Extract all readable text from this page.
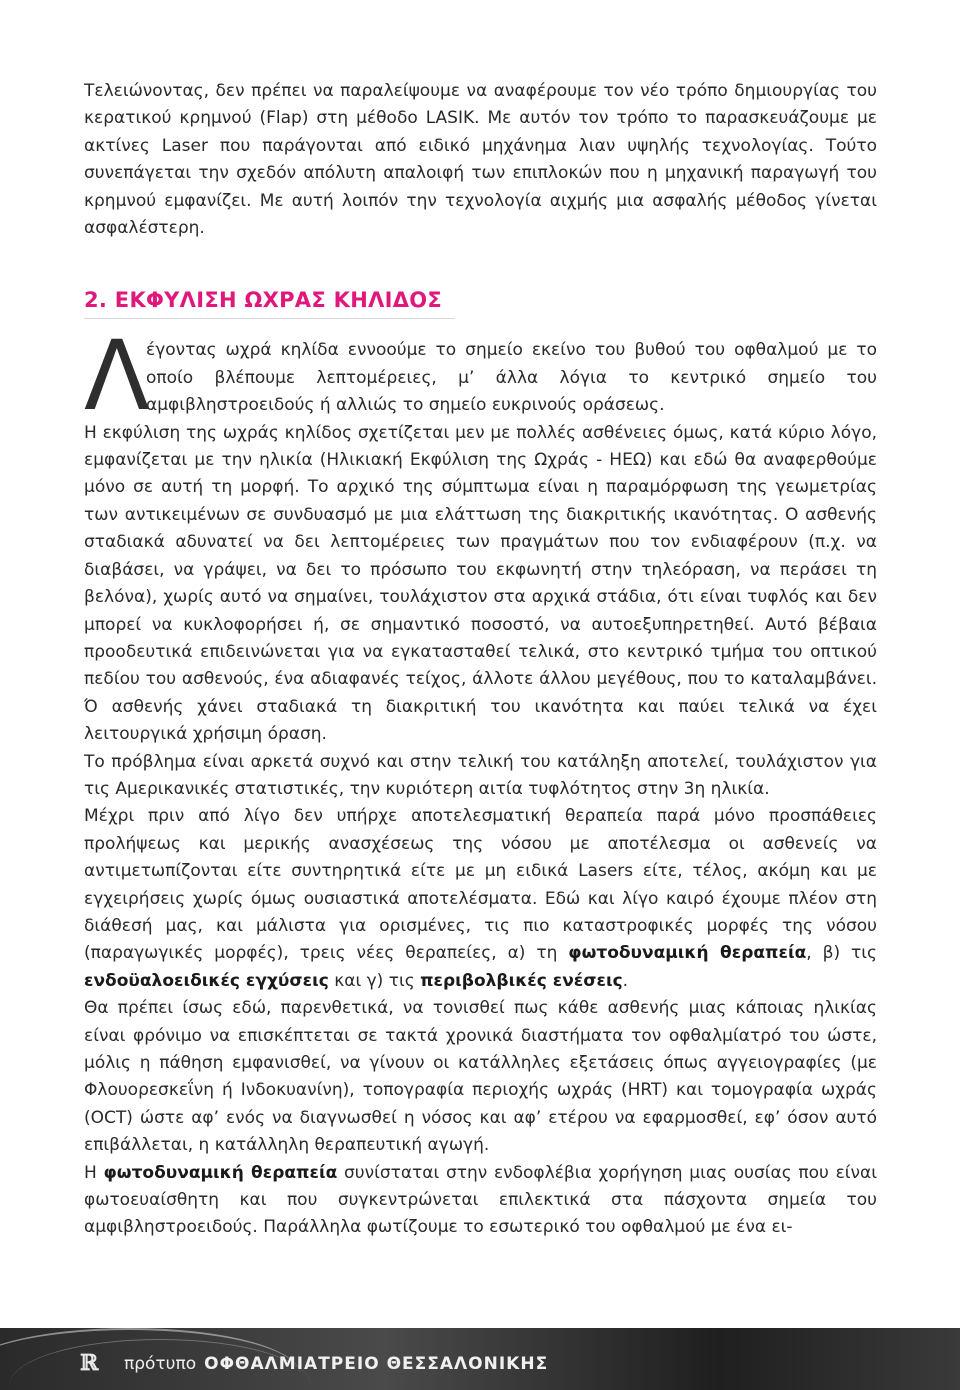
Τελειώνοντας, δεν πρέπει να παραλείψουμε να αναφέρουμε τον νέο τρόπο δημιουργίας του κερατικού κρημνού (Flap) στη μέθοδο LASIK. Με αυτόν τον τρόπο το παρασκευάζουμε με ακτίνες Laser που παράγονται από ειδικό μηχάνημα λιαν υψηλής τεχνολογίας. Τούτο συνεπάγεται την σχεδόν απόλυτη απαλοιφή των επιπλοκών που η μηχανική παραγωγή του κρημνού εμφανίζει. Με αυτή λοιπόν την τεχνολογία αιχμής μια ασφαλής μέθοδος γίνεται ασφαλέστερη.

2. ΕΚΦΥΛΙΣΗ ΩΧΡΑΣ ΚΗΛΙΔΟΣ
Λ

έγοντας ωχρά κηλίδα εννοούμε το σημείο εκείνο του βυθού του οφθαλμού με το οποίο βλέπουμε λεπτομέρειες, μ’ άλλα λόγια το κεντρικό σημείο του αμφιβληστροειδούς ή αλλιώς το σημείο ευκρινούς οράσεως.

Η εκφύλιση της ωχράς κηλίδος σχετίζεται μεν με πολλές ασθένειες όμως, κατά κύριο λόγο, εμφανίζεται με την ηλικία (Ηλικιακή Εκφύλιση της Ωχράς - ΗΕΩ) και εδώ θα αναφερθούμε μόνο σε αυτή τη μορφή. Το αρχικό της σύμπτωμα είναι η παραμόρφωση της γεωμετρίας των αντικειμένων σε συνδυασμό με μια ελάττωση της διακριτικής ικανότητας. Ο ασθενής σταδιακά αδυνατεί να δει λεπτομέρειες των πραγμάτων που τον ενδιαφέρουν (π.χ. να διαβάσει, να γράψει, να δει το πρόσωπο του εκφωνητή στην τηλεόραση, να περάσει τη βελόνα), χωρίς αυτό να σημαίνει, τουλάχιστον στα αρχικά στάδια, ότι είναι τυφλός και δεν μπορεί να κυκλοφορήσει ή, σε σημαντικό ποσοστό, να αυτοεξυπηρετηθεί. Αυτό βέβαια προοδευτικά επιδεινώνεται για να εγκατασταθεί τελικά, στο κεντρικό τμήμα του οπτικού πεδίου του ασθενούς, ένα αδιαφανές τείχος, άλλοτε άλλου μεγέθους, που το καταλαμβάνει. Ό ασθενής χάνει σταδιακά τη διακριτική του ικανότητα και παύει τελικά να έχει λειτουργικά χρήσιμη όραση.

Το πρόβλημα είναι αρκετά συχνό και στην τελική του κατάληξη αποτελεί, τουλάχιστον για τις Αμερικανικές στατιστικές, την κυριότερη αιτία τυφλότητος στην 3η ηλικία.

Μέχρι πριν από λίγο δεν υπήρχε αποτελεσματική θεραπεία παρά μόνο προσπάθειες προλήψεως και μερικής ανασχέσεως της νόσου με αποτέλεσμα οι ασθενείς να αντιμετωπίζονται είτε συντηρητικά είτε με μη ειδικά Lasers είτε, τέλος, ακόμη και με εγχειρήσεις χωρίς όμως ουσιαστικά αποτελέσματα. Εδώ και λίγο καιρό έχουμε πλέον στη διάθεσή μας, και μάλιστα για ορισμένες, τις πιο καταστροφικές μορφές της νόσου (παραγωγικές μορφές), τρεις νέες θεραπείες, α) τη φωτοδυναμική θεραπεία, β) τις ενδοϋαλοειδικές εγχύσεις και γ) τις περιβολβικές ενέσεις.

Θα πρέπει ίσως εδώ, παρενθετικά, να τονισθεί πως κάθε ασθενής μιας κάποιας ηλικίας είναι φρόνιμο να επισκέπτεται σε τακτά χρονικά διαστήματα τον οφθαλμίατρό του ώστε, μόλις η πάθηση εμφανισθεί, να γίνουν οι κατάλληλες εξετάσεις όπως αγγειογραφίες (με Φλουορεσκεΐνη ή Ινδοκυανίνη), τοπογραφία περιοχής ωχράς (HRT) και τομογραφία ωχράς (OCT) ώστε αφ’ ενός να διαγνωσθεί η νόσος και αφ’ ετέρου να εφαρμοσθεί, εφ’ όσον αυτό επιβάλλεται, η κατάλληλη θεραπευτική αγωγή.

Η φωτοδυναμική θεραπεία συνίσταται στην ενδοφλέβια χορήγηση μιας ουσίας που είναι φωτοευαίσθητη και που συγκεντρώνεται επιλεκτικά στα πάσχοντα σημεία του αμφιβληστροειδούς. Παράλληλα φωτίζουμε το εσωτερικό του οφθαλμού με ένα ει-

ℝ πρότυπο ΟΦΘΑΛΜΙΑΤΡΕΙΟ ΘΕΣΣΑΛΟΝΙΚΗΣ
